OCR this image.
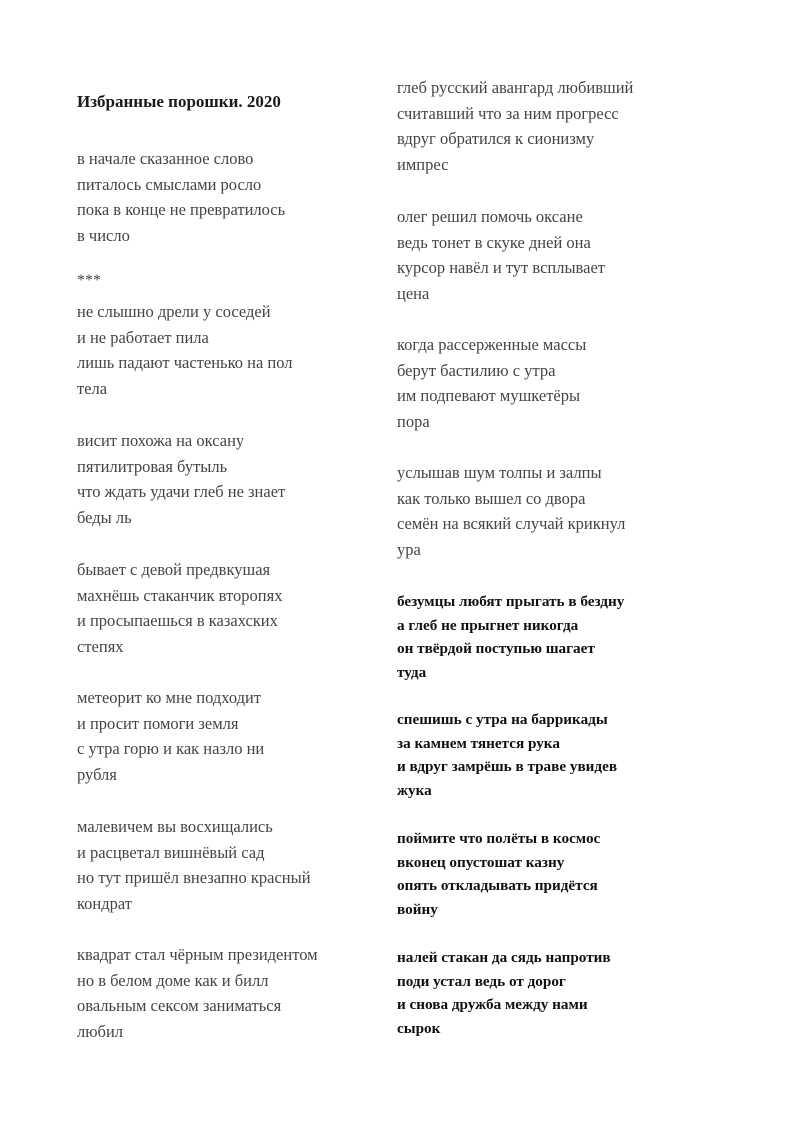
Избранные порошки. 2020
в начале сказанное слово
питалось смыслами росло
пока в конце не превратилось
в число
***
не слышно дрели у соседей
и не работает пила
лишь падают частенько на пол
тела
висит похожа на оксану
пятилитровая бутыль
что ждать удачи глеб не знает
беды ль
бывает с девой предвкушая
махнёшь стаканчик второпях
и просыпаешься в казахских
степях
метеорит ко мне подходит
и просит помоги земля
с утра горю и как назло ни
рубля
малевичем вы восхищались
и расцветал вишнёвый сад
но тут пришёл внезапно красный
кондрат
квадрат стал чёрным президентом
но в белом доме как и билл
овальным сексом заниматься
любил
глеб русский авангард любивший
считавший что за ним прогресс
вдруг обратился к сионизму
импрес
олег решил помочь оксане
ведь тонет в скуке дней она
курсор навёл и тут всплывает
цена
когда рассерженные массы
берут бастилию с утра
им подпевают мушкетёры
пора
услышав шум толпы и залпы
как только вышел со двора
семён на всякий случай крикнул
ура
безумцы любят прыгать в бездну
а глеб не прыгнет никогда
он твёрдой поступью шагает
туда
спешишь с утра на баррикады
за камнем тянется рука
и вдруг замрёшь в траве увидев
жука
поймите что полёты в космос
вконец опустошат казну
опять откладывать придётся
войну
налей стакан да сядь напротив
поди устал ведь от дорог
и снова дружба между нами
сырок
